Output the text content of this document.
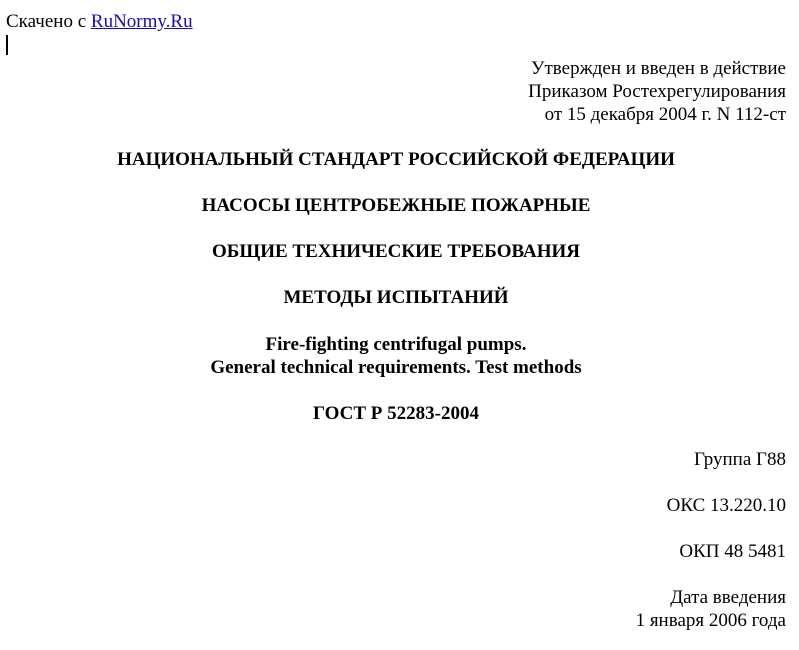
Скачено с RuNormy.Ru
Утвержден и введен в действие
Приказом Ростехрегулирования
от 15 декабря 2004 г. N 112-ст
НАЦИОНАЛЬНЫЙ СТАНДАРТ РОССИЙСКОЙ ФЕДЕРАЦИИ
НАСОСЫ ЦЕНТРОБЕЖНЫЕ ПОЖАРНЫЕ
ОБЩИЕ ТЕХНИЧЕСКИЕ ТРЕБОВАНИЯ
МЕТОДЫ ИСПЫТАНИЙ
Fire-fighting centrifugal pumps.
General technical requirements. Test methods
ГОСТ Р 52283-2004
Группа Г88
ОКС 13.220.10
ОКП 48 5481
Дата введения
1 января 2006 года
